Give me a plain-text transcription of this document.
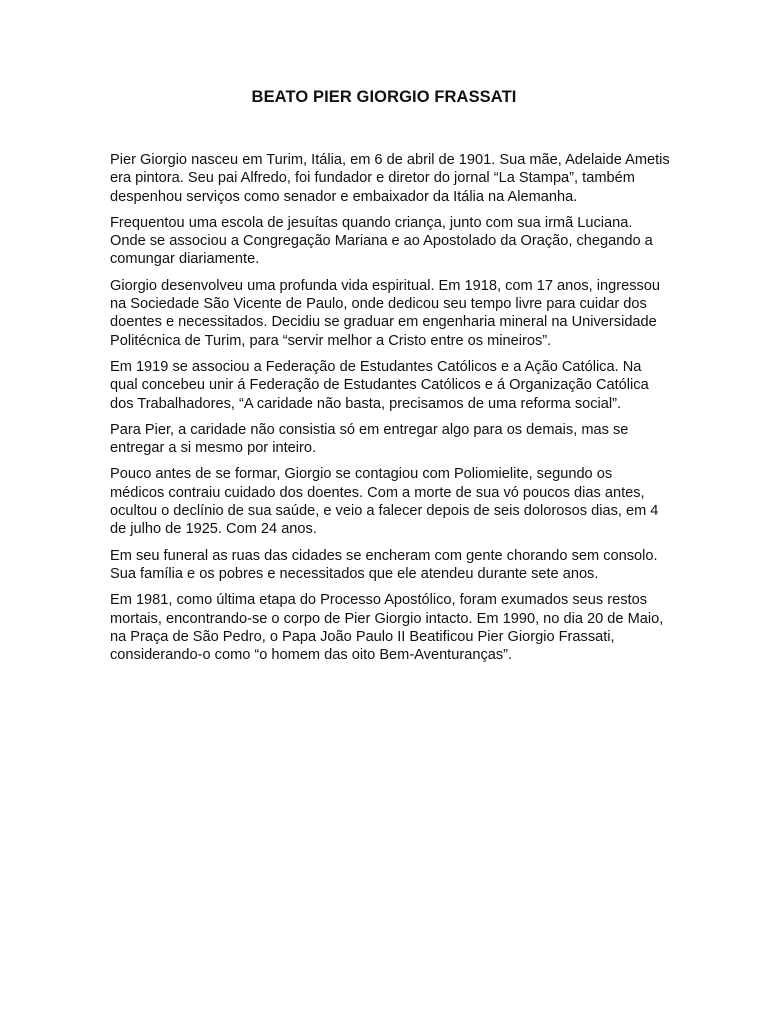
BEATO PIER GIORGIO FRASSATI

Pier Giorgio nasceu em Turim, Itália, em 6 de abril de 1901. Sua mãe, Adelaide Ametis era pintora. Seu pai Alfredo, foi fundador e diretor do jornal “La Stampa”, também despenhou serviços como senador e embaixador da Itália na Alemanha.

Frequentou uma escola de jesuítas quando criança, junto com sua irmã Luciana. Onde se associou a Congregação Mariana e ao Apostolado da Oração, chegando a comungar diariamente.

Giorgio desenvolveu uma profunda vida espiritual. Em 1918, com 17 anos, ingressou na Sociedade São Vicente de Paulo, onde dedicou seu tempo livre para cuidar dos doentes e necessitados. Decidiu se graduar em engenharia mineral na Universidade Politécnica de Turim, para “servir melhor a Cristo entre os mineiros”.

Em 1919 se associou a Federação de Estudantes Católicos e a Ação Católica. Na qual concebeu unir á Federação de Estudantes Católicos e á Organização Católica dos Trabalhadores, “A caridade não basta, precisamos de uma reforma social”.

Para Pier, a caridade não consistia só em entregar algo para os demais, mas se entregar a si mesmo por inteiro.

Pouco antes de se formar, Giorgio se contagiou com Poliomielite, segundo os médicos contraiu cuidado dos doentes. Com a morte de sua vó poucos dias antes, ocultou o declínio de sua saúde, e veio a falecer depois de seis dolorosos dias, em 4 de julho de 1925. Com 24 anos.

Em seu funeral as ruas das cidades se encheram com gente chorando sem consolo. Sua família e os pobres e necessitados que ele atendeu durante sete anos.

Em 1981, como última etapa do Processo Apostólico, foram exumados seus restos mortais, encontrando-se o corpo de Pier Giorgio intacto. Em 1990, no dia 20 de Maio, na Praça de São Pedro, o Papa João Paulo II Beatificou Pier Giorgio Frassati, considerando-o como “o homem das oito Bem-Aventuranças”.
